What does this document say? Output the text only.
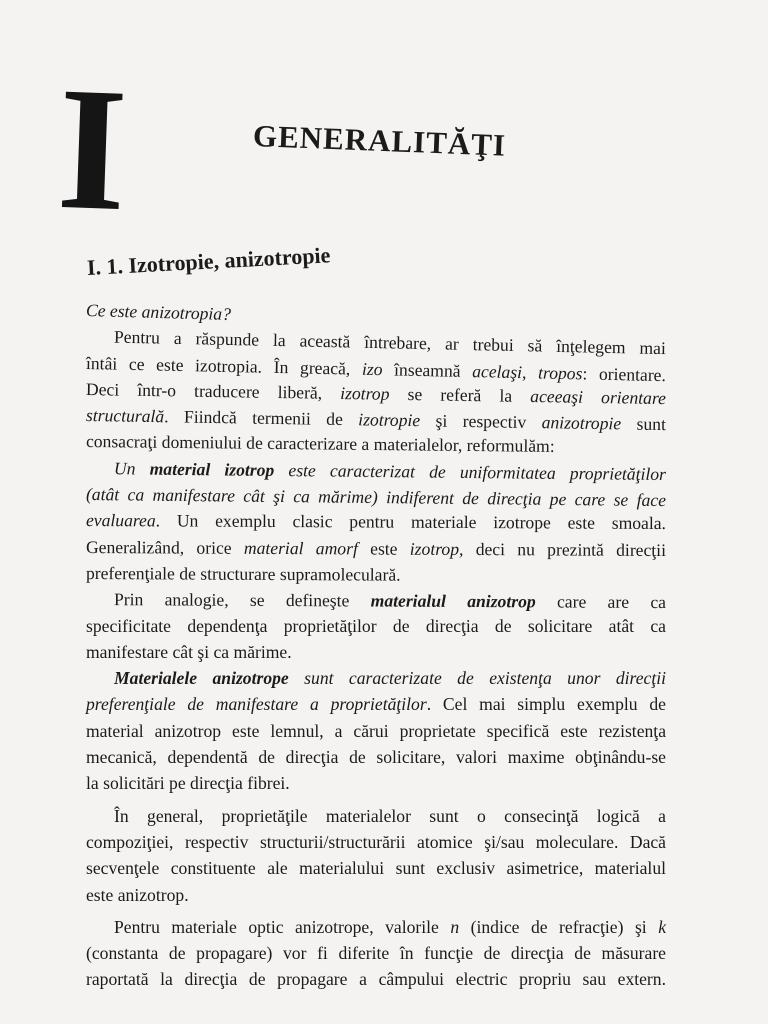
I	GENERALITĂŢI
I. 1. Izotropie, anizotropie

Ce este anizotropia?

Pentru a răspunde la această întrebare, ar trebui să înţelegem mai
întâi ce este izotropia. În greacă, izo înseamnă acelaşi, tropos: orientare.
Deci într-o traducere liberă, izotrop se referă la aceeaşi orientare
structurală. Fiindcă termenii de izotropie şi respectiv anizotropie sunt
consacraţi domeniului de caracterizare a materialelor, reformulăm:

Un material izotrop este caracterizat de uniformitatea proprietăţilor
(atât ca manifestare cât şi ca mărime) indiferent de direcţia pe care se face
evaluarea. Un exemplu clasic pentru materiale izotrope este smoala.
Generalizând, orice material amorf este izotrop, deci nu prezintă direcţii
preferenţiale de structurare supramoleculară.

Prin analogie, se defineşte materialul anizotrop care are ca
specificitate dependenţa proprietăţilor de direcţia de solicitare atât ca
manifestare cât şi ca mărime.

Materialele anizotrope sunt caracterizate de existenţa unor direcţii
preferenţiale de manifestare a proprietăţilor. Cel mai simplu exemplu de
material anizotrop este lemnul, a cărui proprietate specifică este rezistenţa
mecanică, dependentă de direcţia de solicitare, valori maxime obţinându-se
la solicitări pe direcţia fibrei.

În general, proprietăţile materialelor sunt o consecinţă logică a
compoziţiei, respectiv structurii/structurării atomice şi/sau moleculare. Dacă
secvenţele constituente ale materialului sunt exclusiv asimetrice, materialul
este anizotrop.

Pentru materiale optic anizotrope, valorile n (indice de refracţie) şi k
(constanta de propagare) vor fi diferite în funcţie de direcţia de măsurare
raportată la direcţia de propagare a câmpului electric propriu sau extern.
